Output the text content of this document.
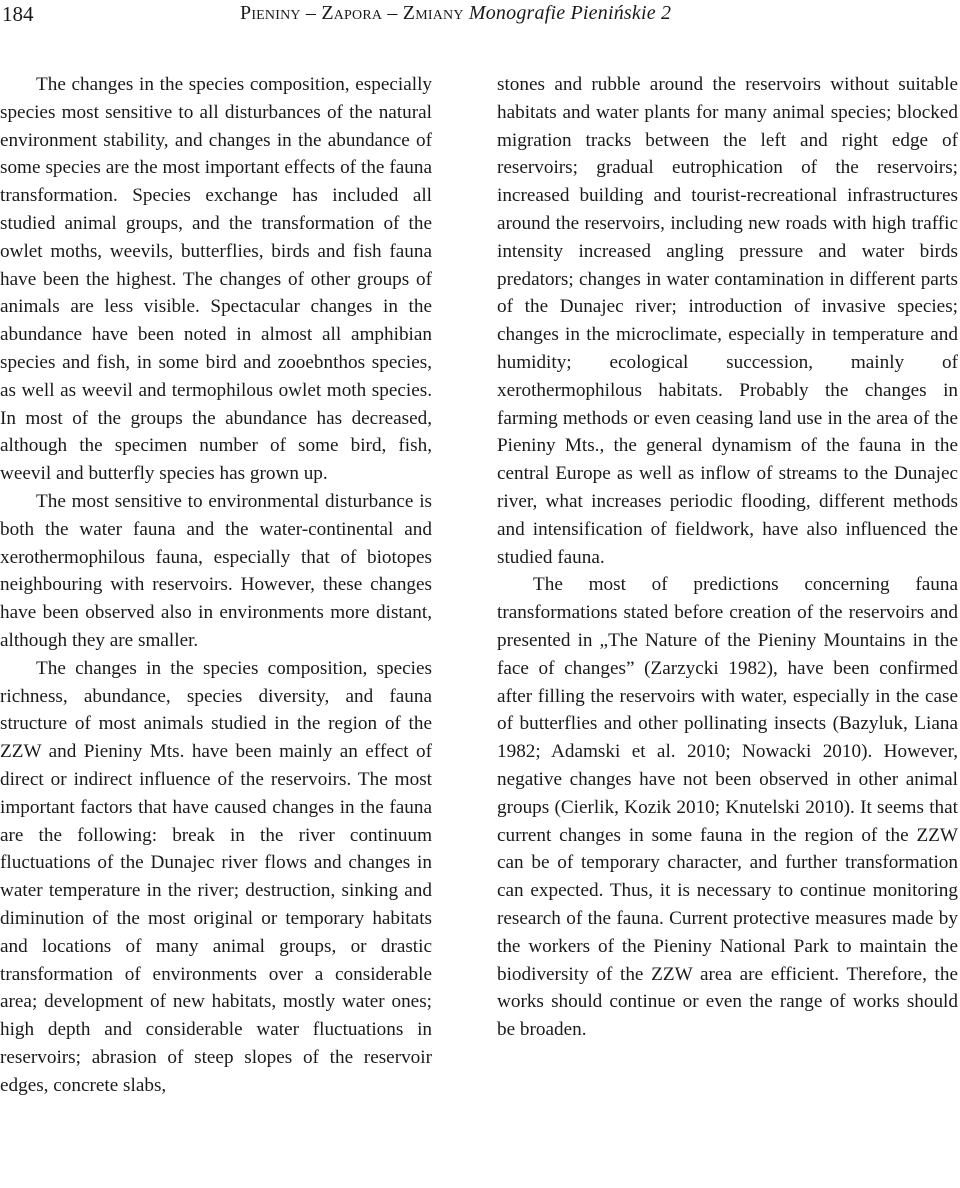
184	Pieniny – Zapora – Zmiany Monografie Pienińskie 2

The changes in the species composition, especially species most sensitive to all disturbances of the natural environment stability, and changes in the abundance of some species are the most important effects of the fauna transformation. Species exchange has included all studied animal groups, and the transformation of the owlet moths, weevils, butterflies, birds and fish fauna have been the highest. The changes of other groups of animals are less visible. Spectacular changes in the abundance have been noted in almost all amphibian species and fish, in some bird and zooebnthos species, as well as weevil and termophilous owlet moth species. In most of the groups the abundance has decreased, although the specimen number of some bird, fish, weevil and butterfly species has grown up.

The most sensitive to environmental disturbance is both the water fauna and the water-continental and xerothermophilous fauna, especially that of biotopes neighbouring with reservoirs. However, these changes have been observed also in environments more distant, although they are smaller.

The changes in the species composition, species richness, abundance, species diversity, and fauna structure of most animals studied in the region of the ZZW and Pieniny Mts. have been mainly an effect of direct or indirect influence of the reservoirs. The most important factors that have caused changes in the fauna are the following: break in the river continuum fluctuations of the Dunajec river flows and changes in water temperature in the river; destruction, sinking and diminution of the most original or temporary habitats and locations of many animal groups, or drastic transformation of environments over a considerable area; development of new habitats, mostly water ones; high depth and considerable water fluctuations in reservoirs; abrasion of steep slopes of the reservoir edges, concrete slabs,

stones and rubble around the reservoirs without suitable habitats and water plants for many animal species; blocked migration tracks between the left and right edge of reservoirs; gradual eutrophication of the reservoirs; increased building and tourist-recreational infrastructures around the reservoirs, including new roads with high traffic intensity increased angling pressure and water birds predators; changes in water contamination in different parts of the Dunajec river; introduction of invasive species; changes in the microclimate, especially in temperature and humidity; ecological succession, mainly of xerothermophilous habitats. Probably the changes in farming methods or even ceasing land use in the area of the Pieniny Mts., the general dynamism of the fauna in the central Europe as well as inflow of streams to the Dunajec river, what increases periodic flooding, different methods and intensification of fieldwork, have also influenced the studied fauna.

The most of predictions concerning fauna transformations stated before creation of the reservoirs and presented in „The Nature of the Pieniny Mountains in the face of changes” (Zarzycki 1982), have been confirmed after filling the reservoirs with water, especially in the case of butterflies and other pollinating insects (Bazyluk, Liana 1982; Adamski et al. 2010; Nowacki 2010). However, negative changes have not been observed in other animal groups (Cierlik, Kozik 2010; Knutelski 2010). It seems that current changes in some fauna in the region of the ZZW can be of temporary character, and further transformation can expected. Thus, it is necessary to continue monitoring research of the fauna. Current protective measures made by the workers of the Pieniny National Park to maintain the biodiversity of the ZZW area are efficient. Therefore, the works should continue or even the range of works should be broaden.
